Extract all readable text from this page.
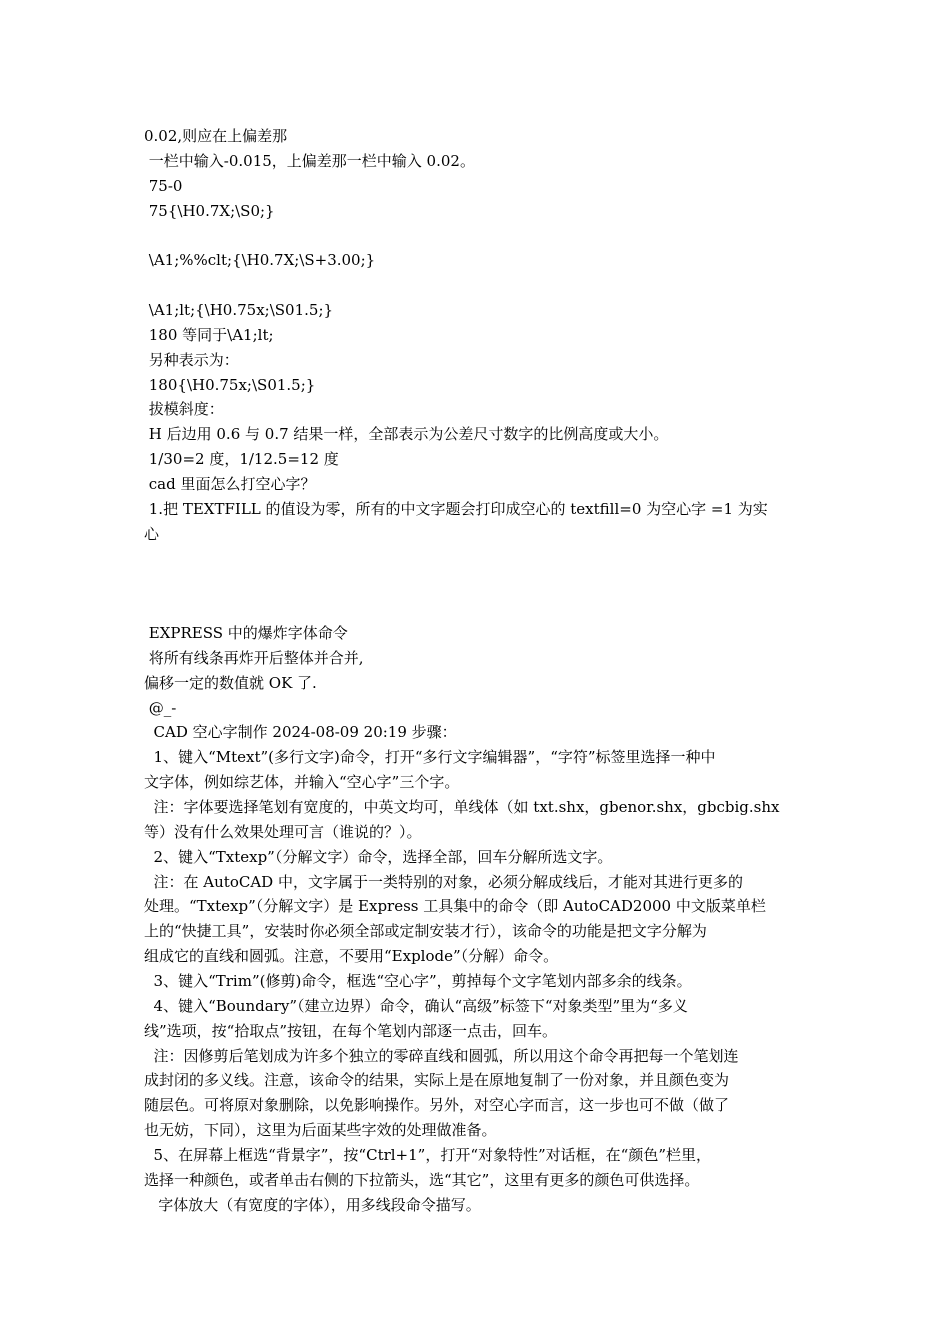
0.02,则应在上偏差那
一栏中输入-0.015，上偏差那一栏中输入 0.02。
75-0
75{\H0.7X;\S0;}
\A1;%%clt;{\H0.7X;\S+3.00;}
\A1;lt;{\H0.75x;\S01.5;}
180 等同于\A1;lt;
另种表示为：
180{\H0.75x;\S01.5;}
拔模斜度：
H 后边用 0.6 与 0.7 结果一样，全部表示为公差尺寸数字的比例高度或大小。
1/30=2 度，1/12.5=12 度
cad 里面怎么打空心字？
1.把 TEXTFILL 的值设为零，所有的中文字题会打印成空心的 textfill=0 为空心字 =1 为实
心
EXPRESS 中的爆炸字体命令
将所有线条再炸开后整体并合并,
偏移一定的数值就 OK 了.
@_-
CAD 空心字制作 2024-08-09 20:19 步骤：
1、键入“Mtext”(多行文字)命令，打开“多行文字编辑器”，“字符”标签里选择一种中
文字体，例如综艺体，并输入“空心字”三个字。
注：字体要选择笔划有宽度的，中英文均可，单线体（如 txt.shx，gbenor.shx，gbcbig.shx
等）没有什么效果处理可言（谁说的？）。
2、键入“Txtexp”（分解文字）命令，选择全部，回车分解所选文字。
注：在 AutoCAD 中，文字属于一类特别的对象，必须分解成线后，才能对其进行更多的
处理。“Txtexp”（分解文字）是 Express 工具集中的命令（即 AutoCAD2000 中文版菜单栏
上的“快捷工具”，安装时你必须全部或定制安装才行），该命令的功能是把文字分解为
组成它的直线和圆弧。注意，不要用“Explode”（分解）命令。
3、键入“Trim”(修剪)命令，框选“空心字”，剪掉每个文字笔划内部多余的线条。
4、键入“Boundary”（建立边界）命令，确认“高级”标签下“对象类型”里为“多义
线”选项，按“拾取点”按钮，在每个笔划内部逐一点击，回车。
注：因修剪后笔划成为许多个独立的零碎直线和圆弧，所以用这个命令再把每一个笔划连
成封闭的多义线。注意，该命令的结果，实际上是在原地复制了一份对象，并且颜色变为
随层色。可将原对象删除，以免影响操作。另外，对空心字而言，这一步也可不做（做了
也无妨，下同），这里为后面某些字效的处理做准备。
5、在屏幕上框选“背景字”，按“Ctrl+1”，打开“对象特性”对话框，在“颜色”栏里，
选择一种颜色，或者单击右侧的下拉箭头，选“其它”，这里有更多的颜色可供选择。
字体放大（有宽度的字体），用多线段命令描写。
